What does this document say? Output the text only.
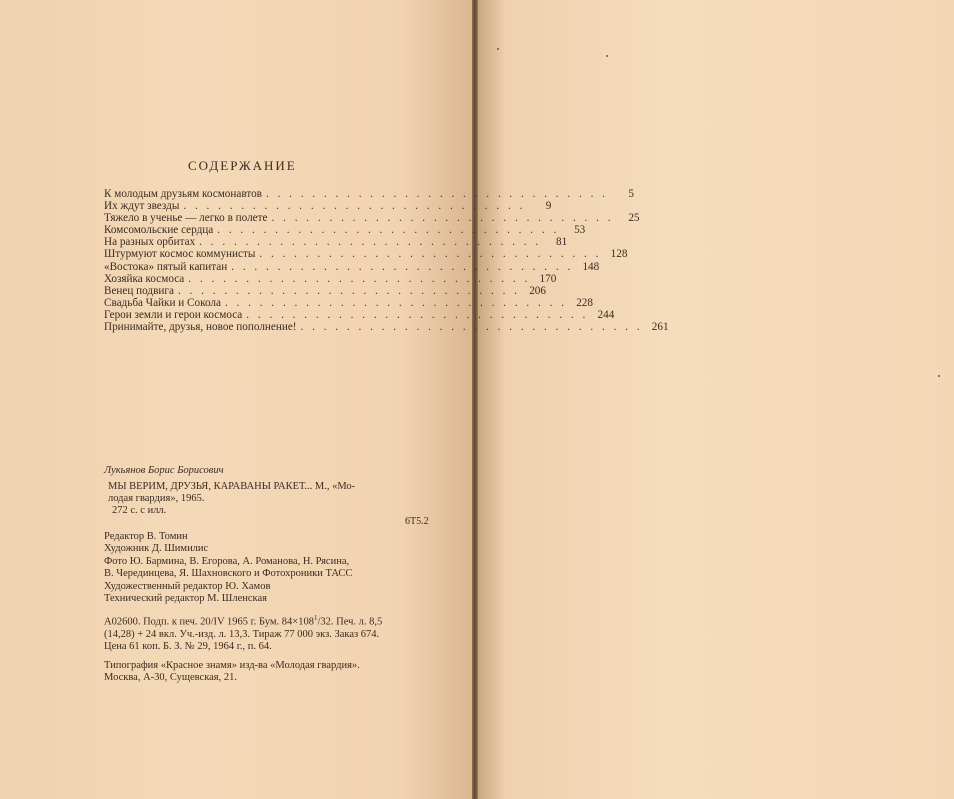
СОДЕРЖАНИЕ
К молодым друзьям космонавтов . . . . . . . . . . . . . . . . . . . . . . . . . . . . . .	5
Их ждут звезды . . . . . . . . . . . . . . . . . . . . . . . . . . . . . .	9
Тяжело в ученье — легко в полете . . . . . . . . . . . . . . . . . . . . . . . . . . . . . .	25
Комсомольские сердца . . . . . . . . . . . . . . . . . . . . . . . . . . . . . .	53
На разных орбитах . . . . . . . . . . . . . . . . . . . . . . . . . . . . . .	81
Штурмуют космос коммунисты . . . . . . . . . . . . . . . . . . . . . . . . . . . . . . 128
«Востока» пятый капитан . . . . . . . . . . . . . . . . . . . . . . . . . . . . . . 148
Хозяйка космоса . . . . . . . . . . . . . . . . . . . . . . . . . . . . . . 170
Венец подвига . . . . . . . . . . . . . . . . . . . . . . . . . . . . . . 206
Свадьба Чайки и Сокола . . . . . . . . . . . . . . . . . . . . . . . . . . . . . . 228
Герои земли и герои космоса . . . . . . . . . . . . . . . . . . . . . . . . . . . . . . 244
Принимайте, друзья, новое пополнение! . . . . . . . . . . . . . . . . . . . . . . . . . . . . . . 261
Лукьянов Борис Борисович
МЫ ВЕРИМ, ДРУЗЬЯ, КАРАВАНЫ РАКЕТ... М., «Мо-
лодая гвардия», 1965.
272 с. с илл.
6Т5.2
Редактор В. Томин
Художник Д. Шимилис
Фото Ю. Бармина, В. Егорова, А. Романова, Н. Рясина,
В. Черединцева, Я. Шахновского и Фотохроники ТАСС
Художественный редактор Ю. Хамов
Технический редактор М. Шленская
А02600. Подп. к печ. 20/IV 1965 г. Бум. $84\times 108^1/32$. Печ. л. 8,5
(14,28) + 24 вкл. Уч.-изд. л. 13,3. Тираж 77 000 экз. Заказ 674.
Цена 61 коп. Б. З. № 29, 1964 г., п. 64.
Типография «Красное знамя» изд-ва «Молодая гвардия».
Москва, А-30, Сущевская, 21.
